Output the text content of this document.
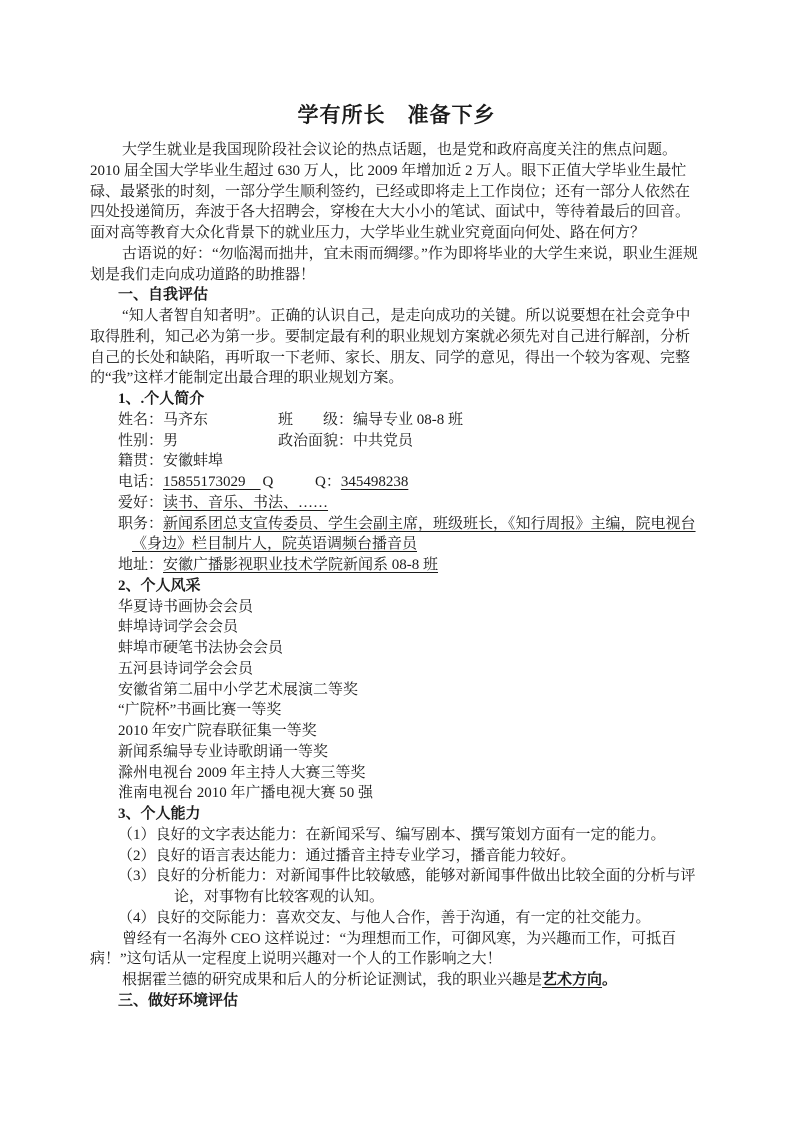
学有所长　准备下乡

大学生就业是我国现阶段社会议论的热点话题，也是党和政府高度关注的焦点问题。2010 届全国大学毕业生超过 630 万人，比 2009 年增加近 2 万人。眼下正值大学毕业生最忙碌、最紧张的时刻，一部分学生顺利签约，已经或即将走上工作岗位；还有一部分人依然在四处投递简历，奔波于各大招聘会，穿梭在大大小小的笔试、面试中，等待着最后的回音。面对高等教育大众化背景下的就业压力，大学毕业生就业究竟面向何处、路在何方？

古语说的好：“勿临渴而拙井，宜未雨而绸缪。”作为即将毕业的大学生来说，职业生涯规划是我们走向成功道路的助推器！

一、自我评估

“知人者智自知者明”。正确的认识自己，是走向成功的关键。所以说要想在社会竞争中取得胜利，知己必为第一步。要制定最有利的职业规划方案就必须先对自己进行解剖，分析自己的长处和缺陷，再听取一下老师、家长、朋友、同学的意见，得出一个较为客观、完整的“我”这样才能制定出最合理的职业规划方案。

1、.个人简介
姓名：马齐东	班　　级：编导专业 08-8 班
性别：男	政治面貌：中共党员
籍贯：安徽蚌埠
电话：15855173029　Q	Q：345498238
爱好：读书、音乐、书法、……
职务：新闻系团总支宣传委员、学生会副主席，班级班长，《知行周报》主编，院电视台《身边》栏目制片人，院英语调频台播音员
地址：安徽广播影视职业技术学院新闻系 08-8 班
2、个人风采
华夏诗书画协会会员
蚌埠诗词学会会员
蚌埠市硬笔书法协会会员
五河县诗词学会会员
安徽省第二届中小学艺术展演二等奖
“广院杯”书画比赛一等奖
2010 年安广院春联征集一等奖
新闻系编导专业诗歌朗诵一等奖
滁州电视台 2009 年主持人大赛三等奖
淮南电视台 2010 年广播电视大赛 50 强
3、个人能力
（1）良好的文字表达能力：在新闻采写、编写剧本、撰写策划方面有一定的能力。
（2）良好的语言表达能力：通过播音主持专业学习，播音能力较好。
（3）良好的分析能力：对新闻事件比较敏感，能够对新闻事件做出比较全面的分析与评论，对事物有比较客观的认知。
（4）良好的交际能力：喜欢交友、与他人合作，善于沟通，有一定的社交能力。

曾经有一名海外 CEO 这样说过：“为理想而工作，可御风寒，为兴趣而工作，可抵百病！”这句话从一定程度上说明兴趣对一个人的工作影响之大！

根据霍兰德的研究成果和后人的分析论证测试，我的职业兴趣是艺术方向。

三、做好环境评估
